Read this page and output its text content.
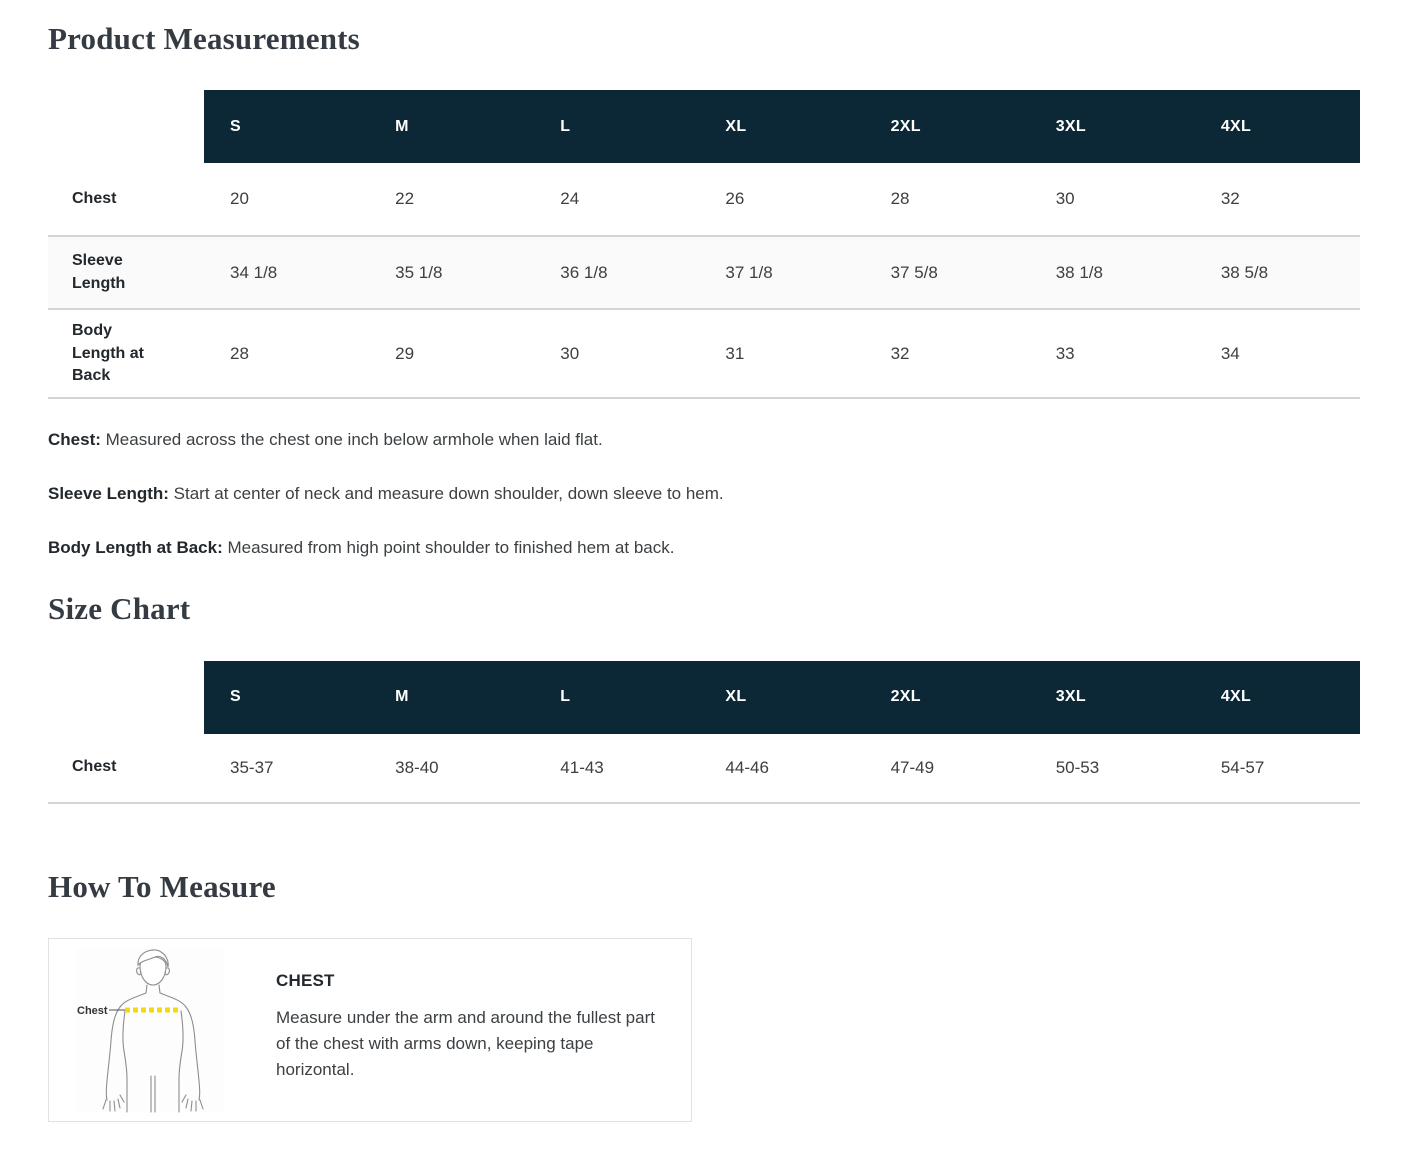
Product Measurements
	S	M	L	XL	2XL	3XL	4XL
Chest	20	22	24	26	28	30	32
Sleeve Length	34 1/8	35 1/8	36 1/8	37 1/8	37 5/8	38 1/8	38 5/8
Body Length at Back	28	29	30	31	32	33	34

Chest: Measured across the chest one inch below armhole when laid flat.

Sleeve Length: Start at center of neck and measure down shoulder, down sleeve to hem.

Body Length at Back: Measured from high point shoulder to finished hem at back.

Size Chart
	S	M	L	XL	2XL	3XL	4XL
Chest	35-37	38-40	41-43	44-46	47-49	50-53	54-57
How To Measure
Chest
CHEST

Measure under the arm and around the fullest part of the chest with arms down, keeping tape horizontal.
